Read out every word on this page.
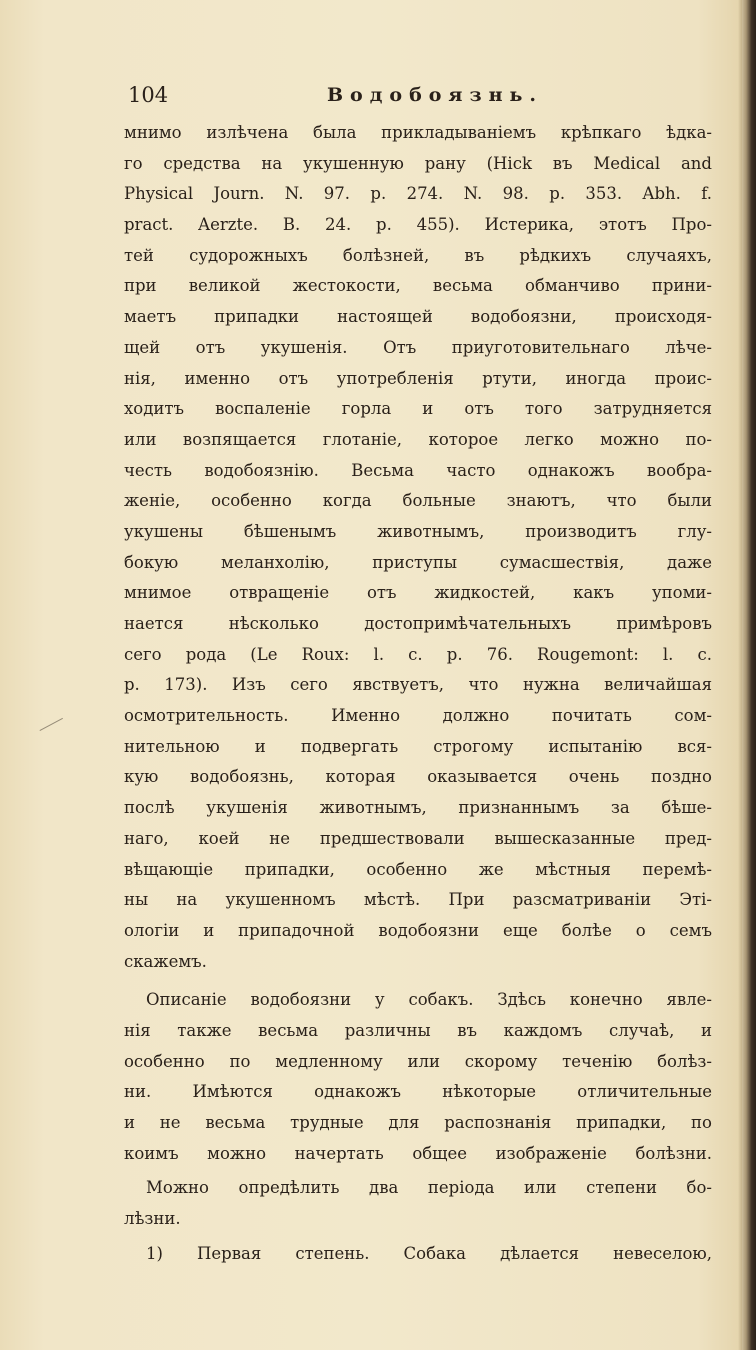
104	Водобоязнь.
мнимо излѣчена была прикладываніемъ крѣпкаго ѣдка-
го средства на укушенную рану (Hick въ Medical and
Physical Journ. N. 97. p. 274. N. 98. p. 353. Abh. f.
pract. Aerzte. B. 24. p. 455). Истерика, этотъ Про-
тей судорожныхъ болѣзней, въ рѣдкихъ случаяхъ,
при великой жестокости, весьма обманчиво прини-
маетъ припадки настоящей водобоязни, происходя-
щей отъ укушенія. Отъ приуготовительнаго лѣче-
нія, именно отъ употребленія ртути, иногда проис-
ходитъ воспаленіе горла и отъ того затрудняется
или возпящается глотаніе, которое легко можно по-
честь водобоязнію. Весьма часто однакожъ вообра-
женіе, особенно когда больные знаютъ, что были
укушены бѣшенымъ животнымъ, производитъ глу-
бокую меланхолію, приступы сумасшествія, даже
мнимое отвращеніе отъ жидкостей, какъ упоми-
нается нѣсколько достопримѣчательныхъ примѣровъ
сего рода (Le Roux: l. c. p. 76. Rougemont: l. c.
p. 173). Изъ сего явствуетъ, что нужна величайшая
осмотрительность. Именно должно почитать сом-
нительною и подвергать строгому испытанію вся-
кую водобоязнь, которая оказывается очень поздно
послѣ укушенія животнымъ, признаннымъ за бѣше-
наго, коей не предшествовали вышесказанные пред-
вѣщающіе припадки, особенно же мѣстныя перемѣ-
ны на укушенномъ мѣстѣ. При разсматриваніи Эті-
ологіи и припадочной водобоязни еще болѣе о семъ
скажемъ.
Описаніе водобоязни у собакъ. Здѣсь конечно явле-
нія также весьма различны въ каждомъ случаѣ, и
особенно по медленному или скорому теченію болѣз-
ни. Имѣются однакожъ нѣкоторые отличительные
и не весьма трудные для распознанія припадки, по
коимъ можно начертать общее изображеніе болѣзни.
Можно опредѣлить два періода или степени бо-
лѣзни.
1) Первая степень. Собака дѣлается невеселою,
